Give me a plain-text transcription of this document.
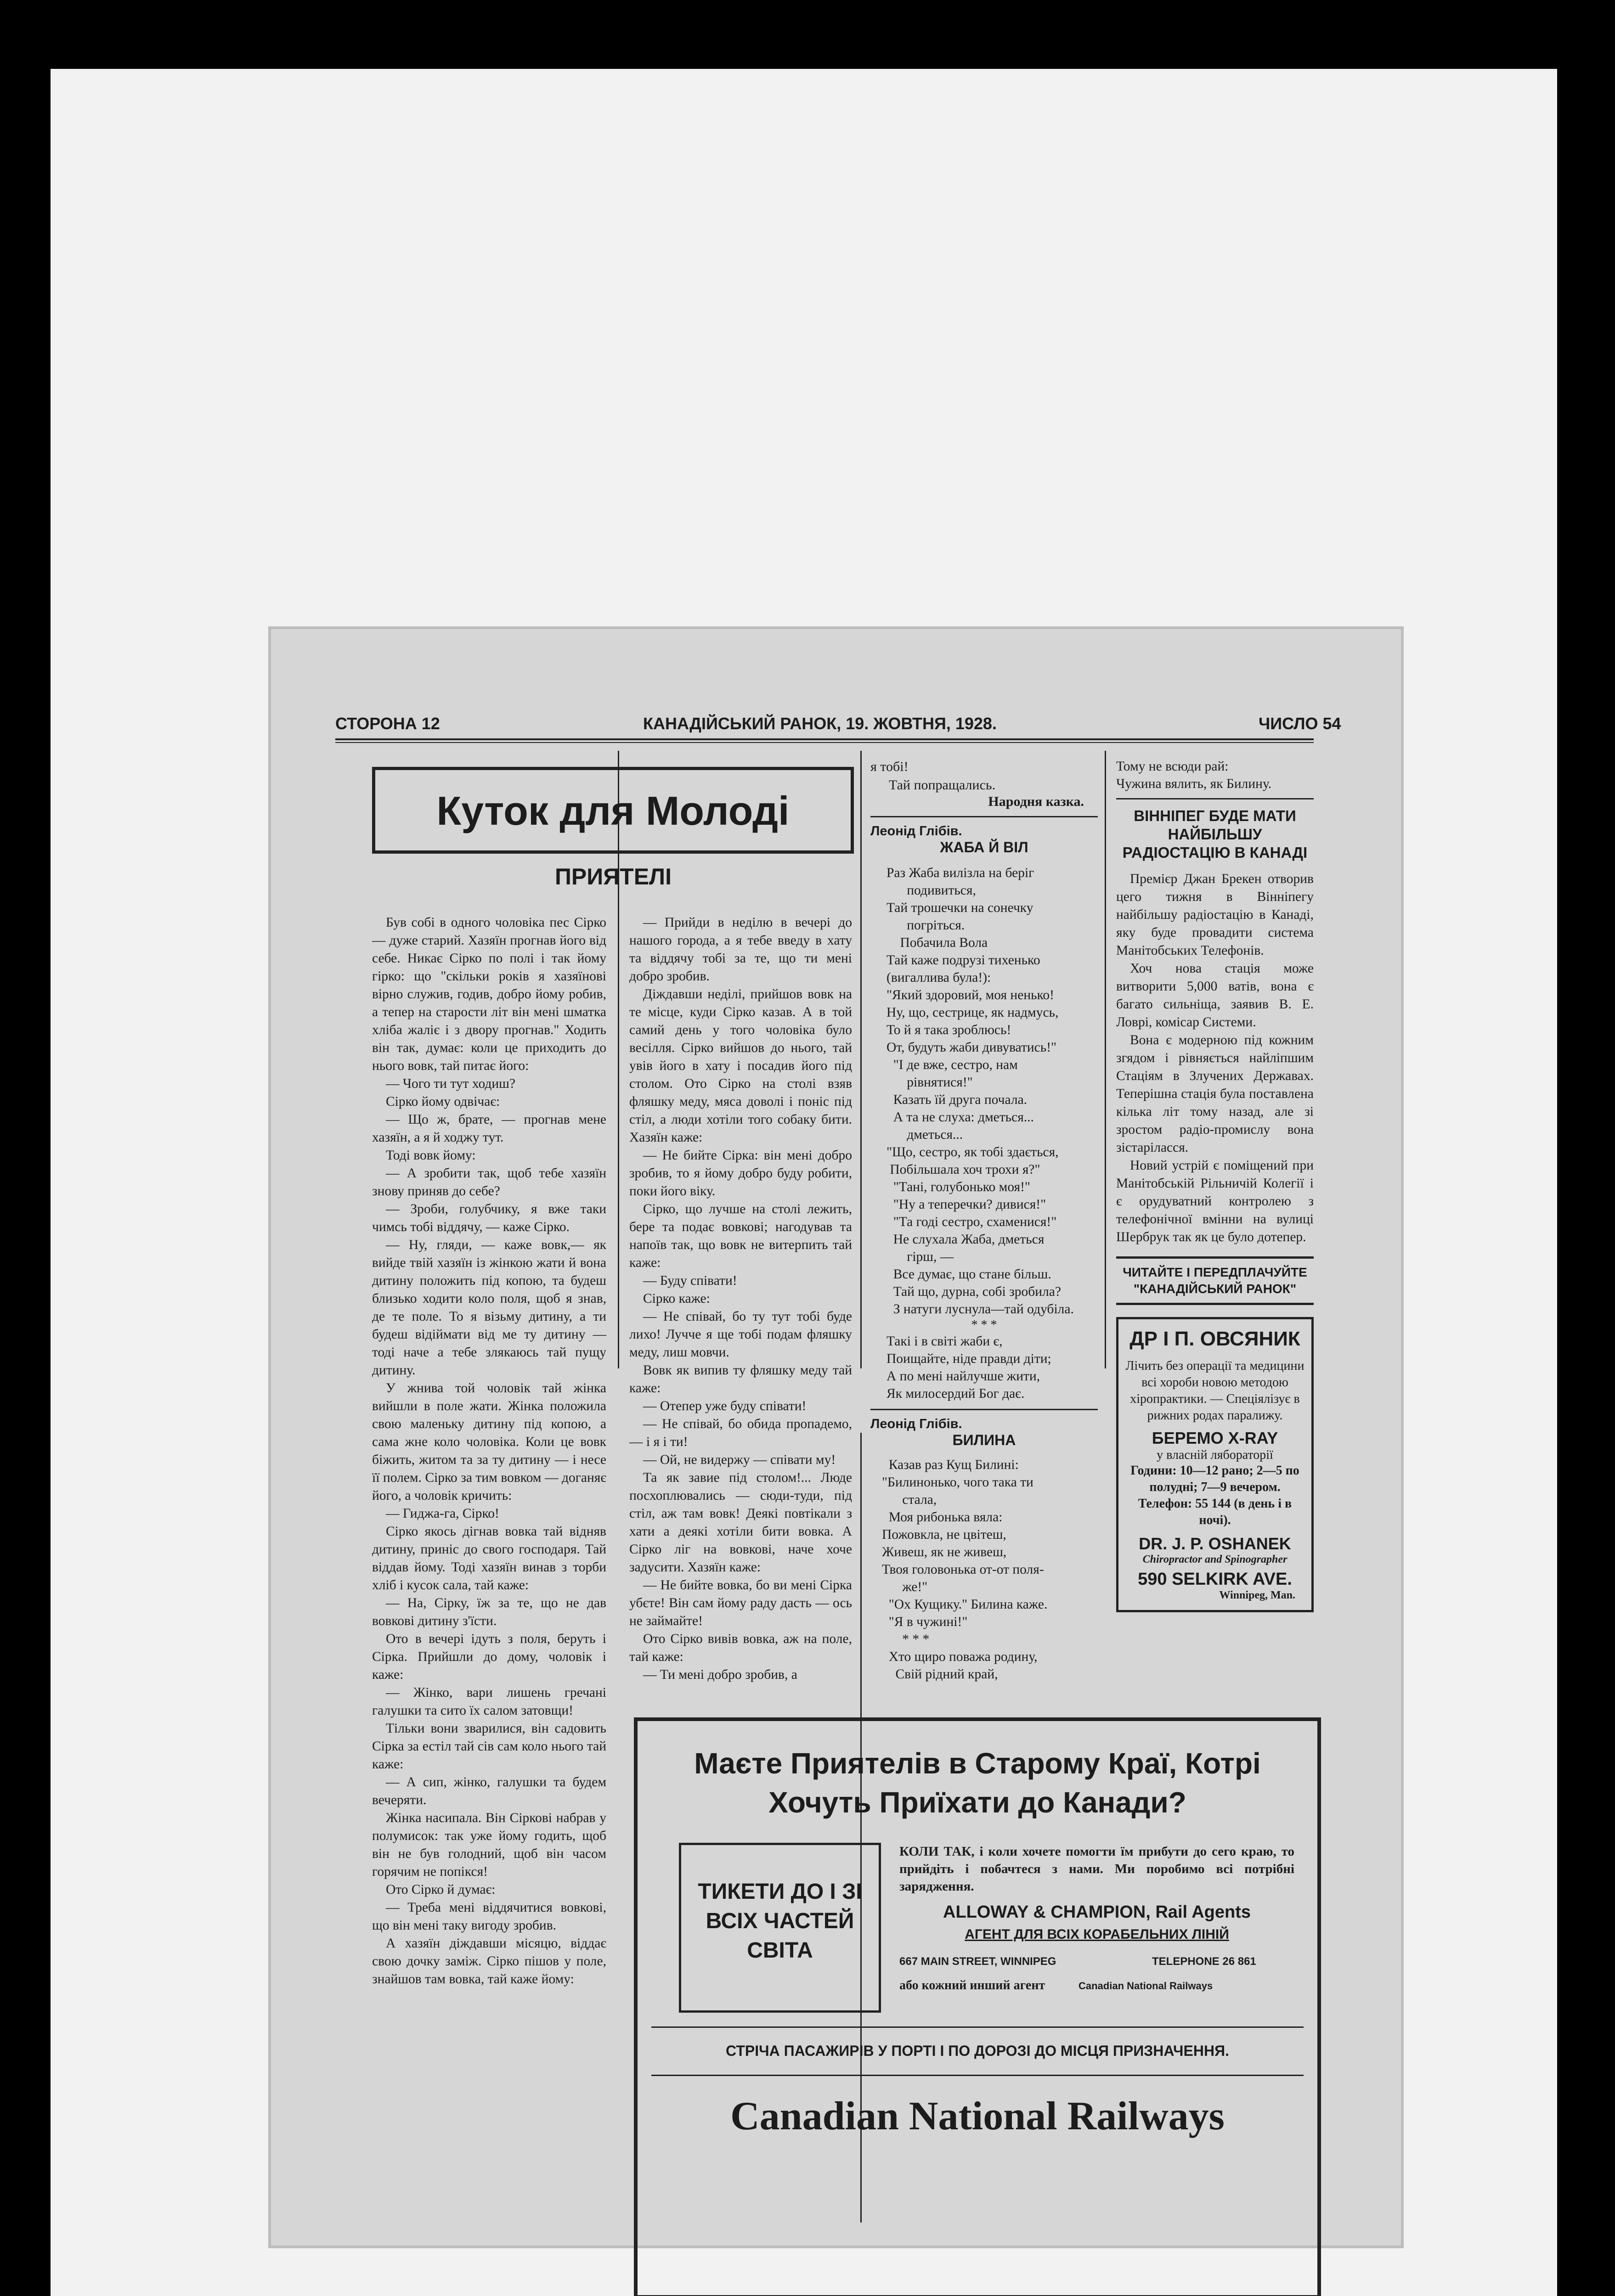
СТОРОНА 12	КАНАДІЙСЬКИЙ РАНОК, 19. ЖОВТНЯ, 1928.	ЧИСЛО 54
Куток для Молоді
ПРИЯТЕЛІ

Був собі в одного чоловіка пес Сірко — дуже старий. Хазяїн прогнав його від себе. Никає Сірко по полі і так йому гірко: що "скільки років я хазяїнові вірно служив, годив, добро йому робив, а тепер на старости літ він мені шматка хліба жаліє і з двору прогнав." Ходить він так, думає: коли це приходить до нього вовк, тай питає його:

— Чого ти тут ходиш?

Сірко йому одвічає:

— Що ж, брате, — прогнав мене хазяїн, а я й ходжу тут.

Тоді вовк йому:

— А зробити так, щоб тебе хазяїн знову приняв до себе?

— Зроби, голубчику, я вже таки чимсь тобі віддячу, — каже Сірко.

— Ну, гляди, — каже вовк,— як вийде твій хазяїн із жінкою жати й вона дитину положить під копою, та будеш близько ходити коло поля, щоб я знав, де те поле. То я візьму дитину, а ти будеш відіймати від ме ту дитину — тоді наче а тебе злякаюсь тай пущу дитину.

У жнива той чоловік тай жінка вийшли в поле жати. Жінка положила свою маленьку дитину під копою, а сама жне коло чоловіка. Коли це вовк біжить, житом та за ту дитину — і несе її полем. Сірко за тим вовком — доганяє його, а чоловік кричить:

— Гиджа-га, Сірко!

Сірко якось дігнав вовка тай відняв дитину, приніс до свого господаря. Тай віддав йому. Тоді хазяїн винав з торби хліб і кусок сала, тай каже:

— На, Сірку, їж за те, що не дав вовкові дитину з'їсти.

Ото в вечері ідуть з поля, беруть і Сірка. Прийшли до дому, чоловік і каже:

— Жінко, вари лишень гречані галушки та сито їх салом затовщи!

Тільки вони зварилися, він садовить Сірка за естіл тай сів сам коло нього тай каже:

— А сип, жінко, галушки та будем вечеряти.

Жінка насипала. Він Сіркові набрав у полумисок: так уже йому годить, щоб він не був голодний, щоб він часом горячим не попікся!

Ото Сірко й думає:

— Треба мені віддячитися вовкові, що він мені таку вигоду зробив.

А хазяїн діждавши місяцю, віддає свою дочку заміж. Сірко пішов у поле, знайшов там вовка, тай каже йому:

— Прийди в неділю в вечері до нашого города, а я тебе введу в хату та віддячу тобі за те, що ти мені добро зробив.

Діждавши неділі, прийшов вовк на те місце, куди Сірко казав. А в той самий день у того чоловіка було весілля. Сірко вийшов до нього, тай увів його в хату і посадив його під столом. Ото Сірко на столі взяв фляшку меду, мяса доволі і поніс під стіл, а люди хотіли того собаку бити. Хазяїн каже:

— Не бийте Сірка: він мені добро зробив, то я йому добро буду робити, поки його віку.

Сірко, що лучше на столі лежить, бере та подає вовкові; нагодував та напоїв так, що вовк не витерпить тай каже:

— Буду співати!

Сірко каже:

— Не співай, бо ту тут тобі буде лихо! Лучче я ще тобі подам фляшку меду, лиш мовчи.

Вовк як випив ту фляшку меду тай каже:

— Отепер уже буду співати!

— Не співай, бо обида пропадемо, — і я і ти!

— Ой, не видержу — співати му!

Та як завие під столом!... Люде посхоплювались — сюди-туди, під стіл, аж там вовк! Деякі повтікали з хати а деякі хотіли бити вовка. А Сірко ліг на вовкові, наче хоче задусити. Хазяїн каже:

— Не бийте вовка, бо ви мені Сірка убєте! Він сам йому раду дасть — ось не займайте!

Ото Сірко вивів вовка, аж на поле, тай каже:

— Ти мені добро зробив, а

я тобі!
Тай попращались.
Народня казка.
Леонід Глібів.
ЖАБА Й ВІЛ
Раз Жаба вилізла на беріг
подивиться,
Тай трошечки на сонечку
погріться.
Побачила Вола
Тай каже подрузі тихенько
(вигаллива була!):
"Який здоровий, моя ненько!
Ну, що, сестрице, як надмусь,
То й я така зроблюсь!
От, будуть жаби дивуватись!"
"І де вже, сестро, нам
рівнятися!"
Казать їй друга почала.
А та не слуха: дметься...
дметься...
"Що, сестро, як тобі здається,
Побільшала хоч трохи я?"
"Тані, голубонько моя!"
"Ну а теперечки? дивися!"
"Та годі сестро, схаменися!"
Не слухала Жаба, дметься
гірш, —
Все думає, що стане більш.
Тай що, дурна, собі зробила?
З натуги луснула—тай одубіла.
* * *
Такі і в світі жаби є,
Поищайте, ніде правди діти;
А по мені найлучше жити,
Як милосердий Бог дає.
Леонід Глібів.
БИЛИНА
Казав раз Кущ Билині:
"Билинонько, чого така ти
стала,
Моя рибонька вяла:
Пожовкла, не цвітеш,
Живеш, як не живеш,
Твоя головонька от-от поля-
же!"
"Ох Кущику." Билина каже.
"Я в чужині!"
* * *
Хто щиро поважа родину,
Свій рідний край,
Тому не всюди рай:
Чужина вялить, як Билину.
ВІННІПЕГ БУДЕ МАТИ НАЙБІЛЬШУ РАДІОСТАЦІЮ В КАНАДІ

Премієр Джан Брекен отворив цего тижня в Вінніпегу найбільшу радіостацію в Канаді, яку буде провадити система Манітобських Телефонів.

Хоч нова стація може витворити 5,000 ватів, вона є багато сильніща, заявив В. Е. Ловрі, комісар Системи.

Вона є модерною під кожним згядом і рівняється найліпшим Стаціям в Злучених Державах. Теперішна стація була поставлена кілька літ тому назад, але зі зростом радіо-промислу вона зістаріласся.

Новий устрій є поміщений при Манітобській Рільничій Колегії і є орудуватний контролею з телефонічної вмінни на вулиці Шербрук так як це було дотепер.

ЧИТАЙТЕ І ПЕРЕДПЛАЧУЙТЕ
"КАНАДІЙСЬКИЙ РАНОК"
ДР І П. ОВСЯНИК
Лічить без операції та медицини всі хороби новою методою хіропрактики. — Спеціялізує в рижних родах паралижу.
БЕРЕМО X-RAY
у власній лябораторії
Години: 10—12 рано; 2—5 по полудні; 7—9 вечером.
Телефон: 55 144 (в день і в ночі).
DR. J. P. OSHANEK
Chiropractor and Spinographer
590 SELKIRK AVE.
Winnipeg, Man.
Маєте Приятелів в Старому Краї, Котрі
Хочуть Приїхати до Канади?
ТИКЕТИ ДО І ЗІ
ВСІХ ЧАСТЕЙ
СВІТА
КОЛИ ТАК, і коли хочете помогти їм прибути до сего краю, то прийдіть і побачтеся з нами. Ми поробимо всі потрібні зарядження.
ALLOWAY & CHAMPION, Rail Agents
АГЕНТ ДЛЯ ВСІХ КОРАБЕЛЬНИХ ЛІНІЙ
667 MAIN STREET, WINNIPEG	TELEPHONE 26 861
або кожний инший агент	Canadian National Railways
СТРІЧА ПАСАЖИРІВ У ПОРТІ І ПО ДОРОЗІ ДО МІСЦЯ ПРИЗНАЧЕННЯ.
Canadian National Railways
